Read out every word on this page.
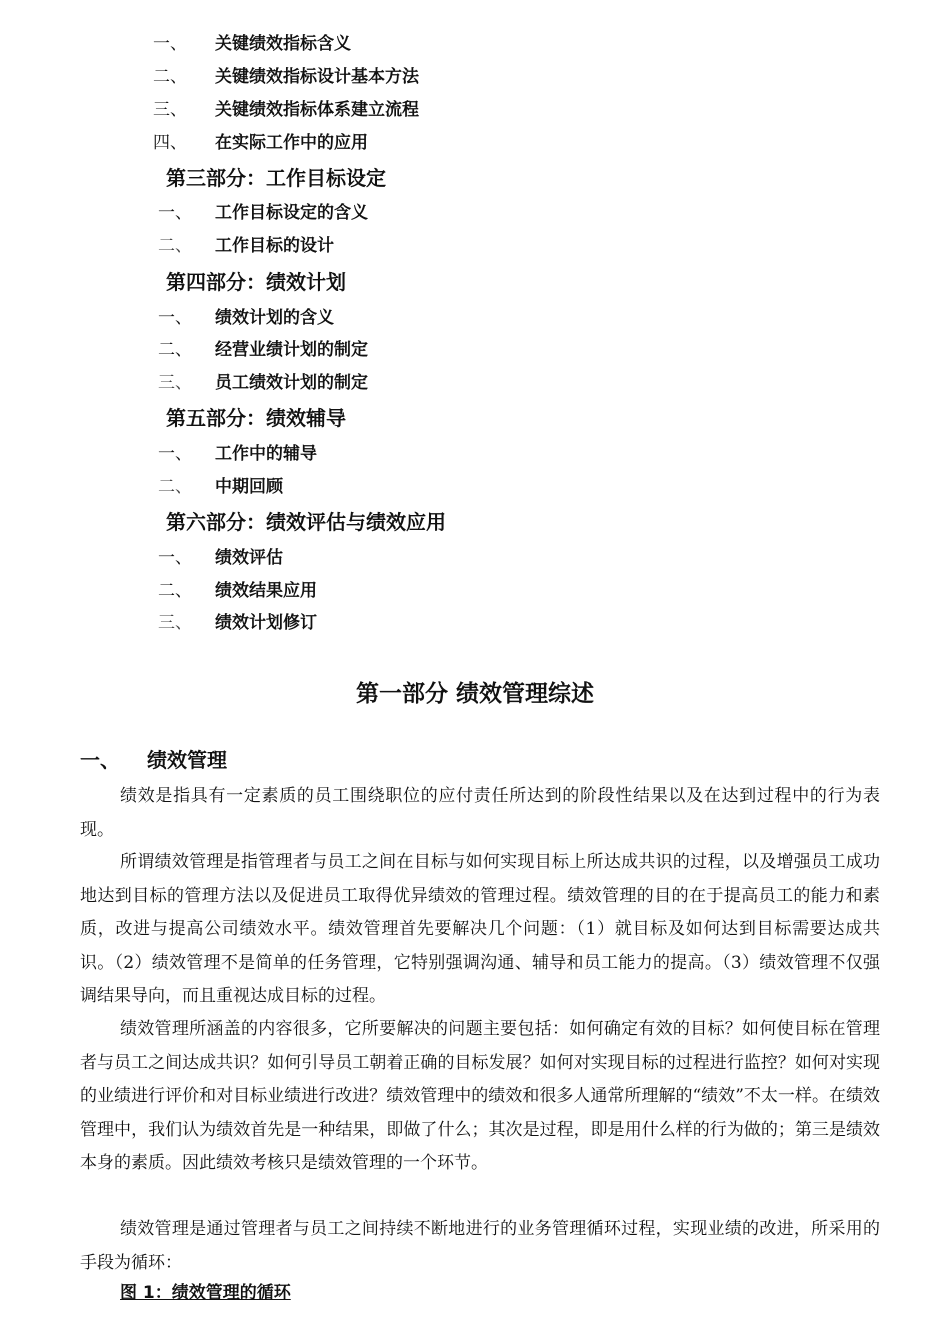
一、 关键绩效指标含义
二、 关键绩效指标设计基本方法
三、 关键绩效指标体系建立流程
四、 在实际工作中的应用
第三部分：工作目标设定
一、 工作目标设定的含义
二、 工作目标的设计
第四部分：绩效计划
一、 绩效计划的含义
二、 经营业绩计划的制定
三、 员工绩效计划的制定
第五部分：绩效辅导
一、 工作中的辅导
二、 中期回顾
第六部分：绩效评估与绩效应用
一、 绩效评估
二、 绩效结果应用
三、 绩效计划修订
第一部分 绩效管理综述
一、 绩效管理

绩效是指具有一定素质的员工围绕职位的应付责任所达到的阶段性结果以及在达到过程中的行为表现。

所谓绩效管理是指管理者与员工之间在目标与如何实现目标上所达成共识的过程，以及增强员工成功地达到目标的管理方法以及促进员工取得优异绩效的管理过程。绩效管理的目的在于提高员工的能力和素质，改进与提高公司绩效水平。绩效管理首先要解决几个问题：（1）就目标及如何达到目标需要达成共识。（2）绩效管理不是简单的任务管理，它特别强调沟通、辅导和员工能力的提高。（3）绩效管理不仅强调结果导向，而且重视达成目标的过程。

绩效管理所涵盖的内容很多，它所要解决的问题主要包括：如何确定有效的目标？如何使目标在管理者与员工之间达成共识？如何引导员工朝着正确的目标发展？如何对实现目标的过程进行监控？如何对实现的业绩进行评价和对目标业绩进行改进？绩效管理中的绩效和很多人通常所理解的“绩效”不太一样。在绩效管理中，我们认为绩效首先是一种结果，即做了什么；其次是过程，即是用什么样的行为做的；第三是绩效本身的素质。因此绩效考核只是绩效管理的一个环节。

绩效管理是通过管理者与员工之间持续不断地进行的业务管理循环过程，实现业绩的改进，所采用的手段为循环：

图 1：绩效管理的循环
